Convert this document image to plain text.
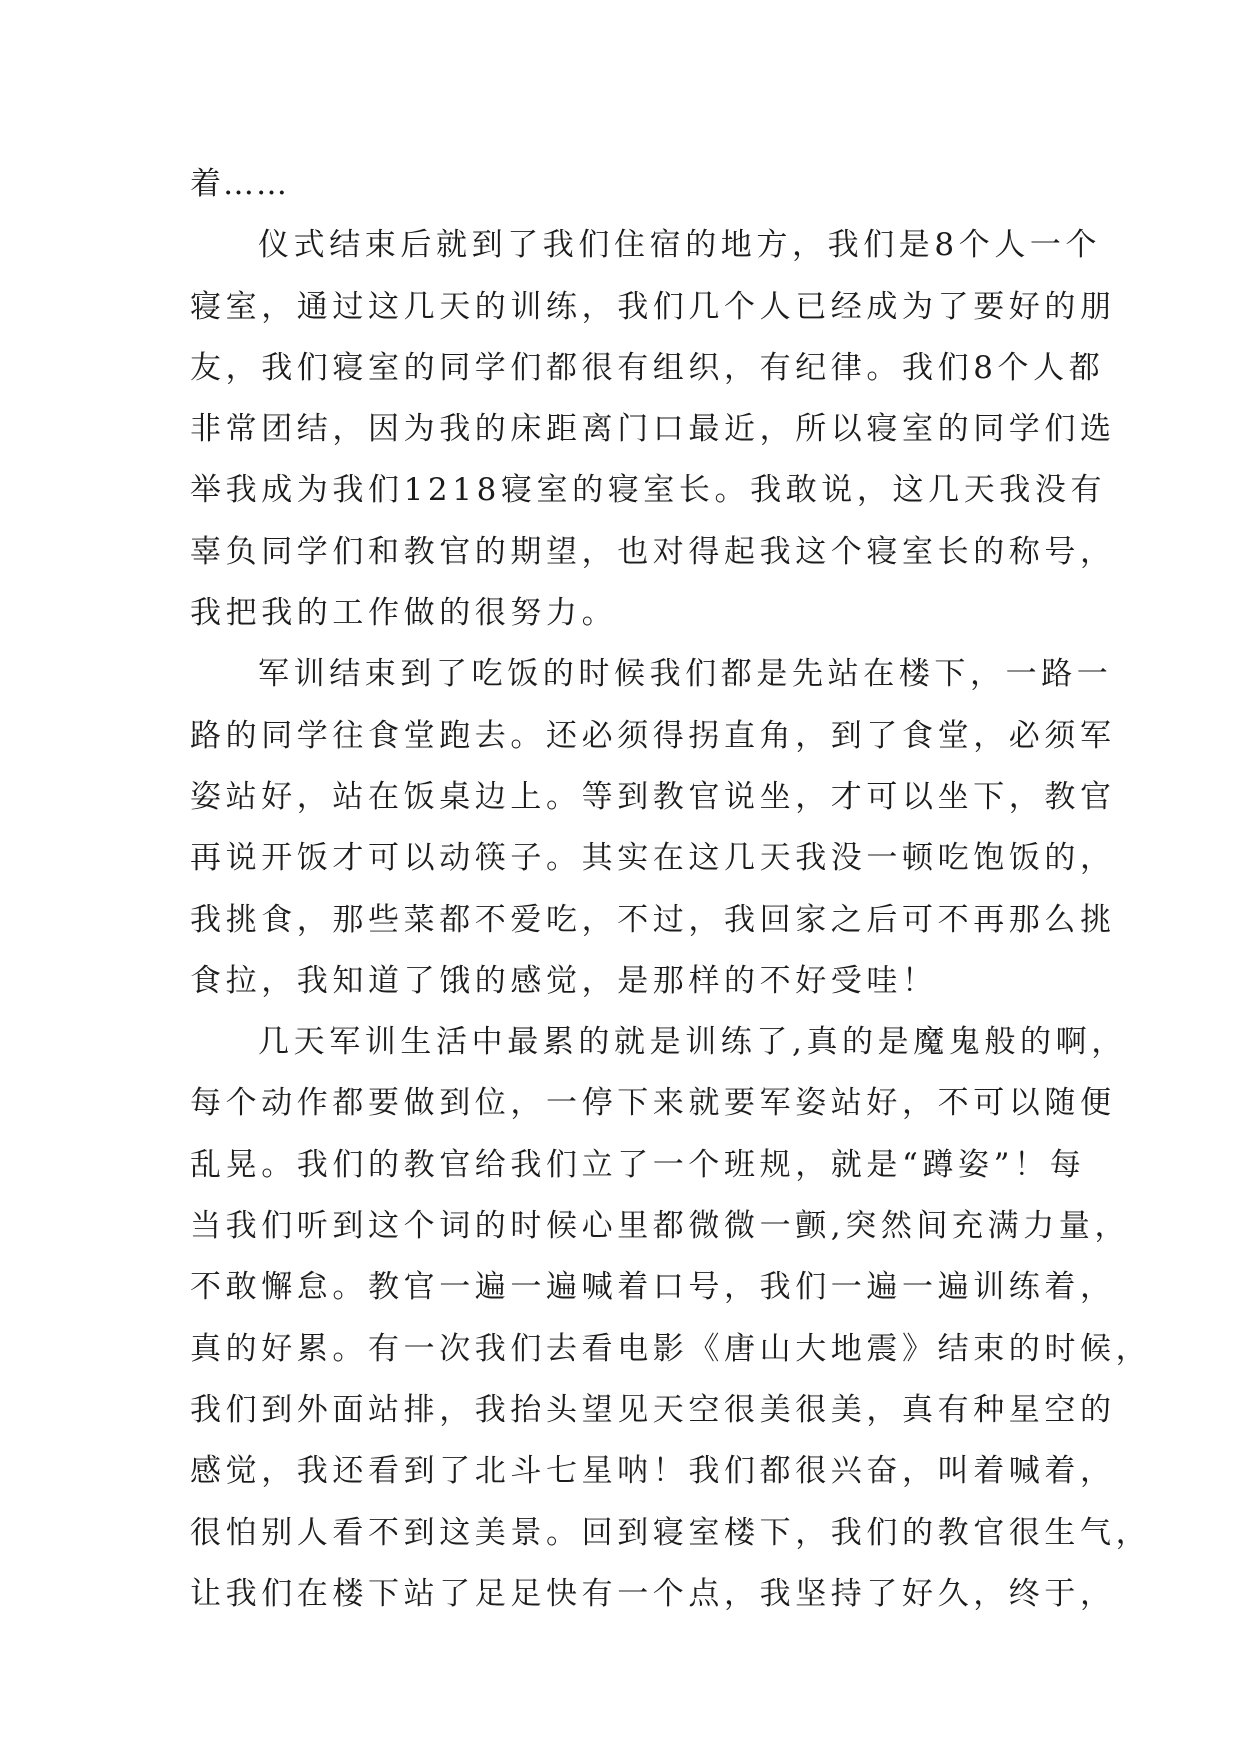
着……
仪式结束后就到了我们住宿的地方，我们是8个人一个
寝室，通过这几天的训练，我们几个人已经成为了要好的朋
友，我们寝室的同学们都很有组织，有纪律。我们8个人都
非常团结，因为我的床距离门口最近，所以寝室的同学们选
举我成为我们1218寝室的寝室长。我敢说，这几天我没有
辜负同学们和教官的期望，也对得起我这个寝室长的称号，
我把我的工作做的很努力。
军训结束到了吃饭的时候我们都是先站在楼下，一路一
路的同学往食堂跑去。还必须得拐直角，到了食堂，必须军
姿站好，站在饭桌边上。等到教官说坐，才可以坐下，教官
再说开饭才可以动筷子。其实在这几天我没一顿吃饱饭的，
我挑食，那些菜都不爱吃，不过，我回家之后可不再那么挑
食拉，我知道了饿的感觉，是那样的不好受哇！
几天军训生活中最累的就是训练了,真的是魔鬼般的啊，
每个动作都要做到位，一停下来就要军姿站好，不可以随便
乱晃。我们的教官给我们立了一个班规，就是“蹲姿”！每
当我们听到这个词的时候心里都微微一颤,突然间充满力量，
不敢懈怠。教官一遍一遍喊着口号，我们一遍一遍训练着，
真的好累。有一次我们去看电影《唐山大地震》结束的时候，
我们到外面站排，我抬头望见天空很美很美，真有种星空的
感觉，我还看到了北斗七星呐！我们都很兴奋，叫着喊着，
很怕别人看不到这美景。回到寝室楼下，我们的教官很生气，
让我们在楼下站了足足快有一个点，我坚持了好久，终于，
